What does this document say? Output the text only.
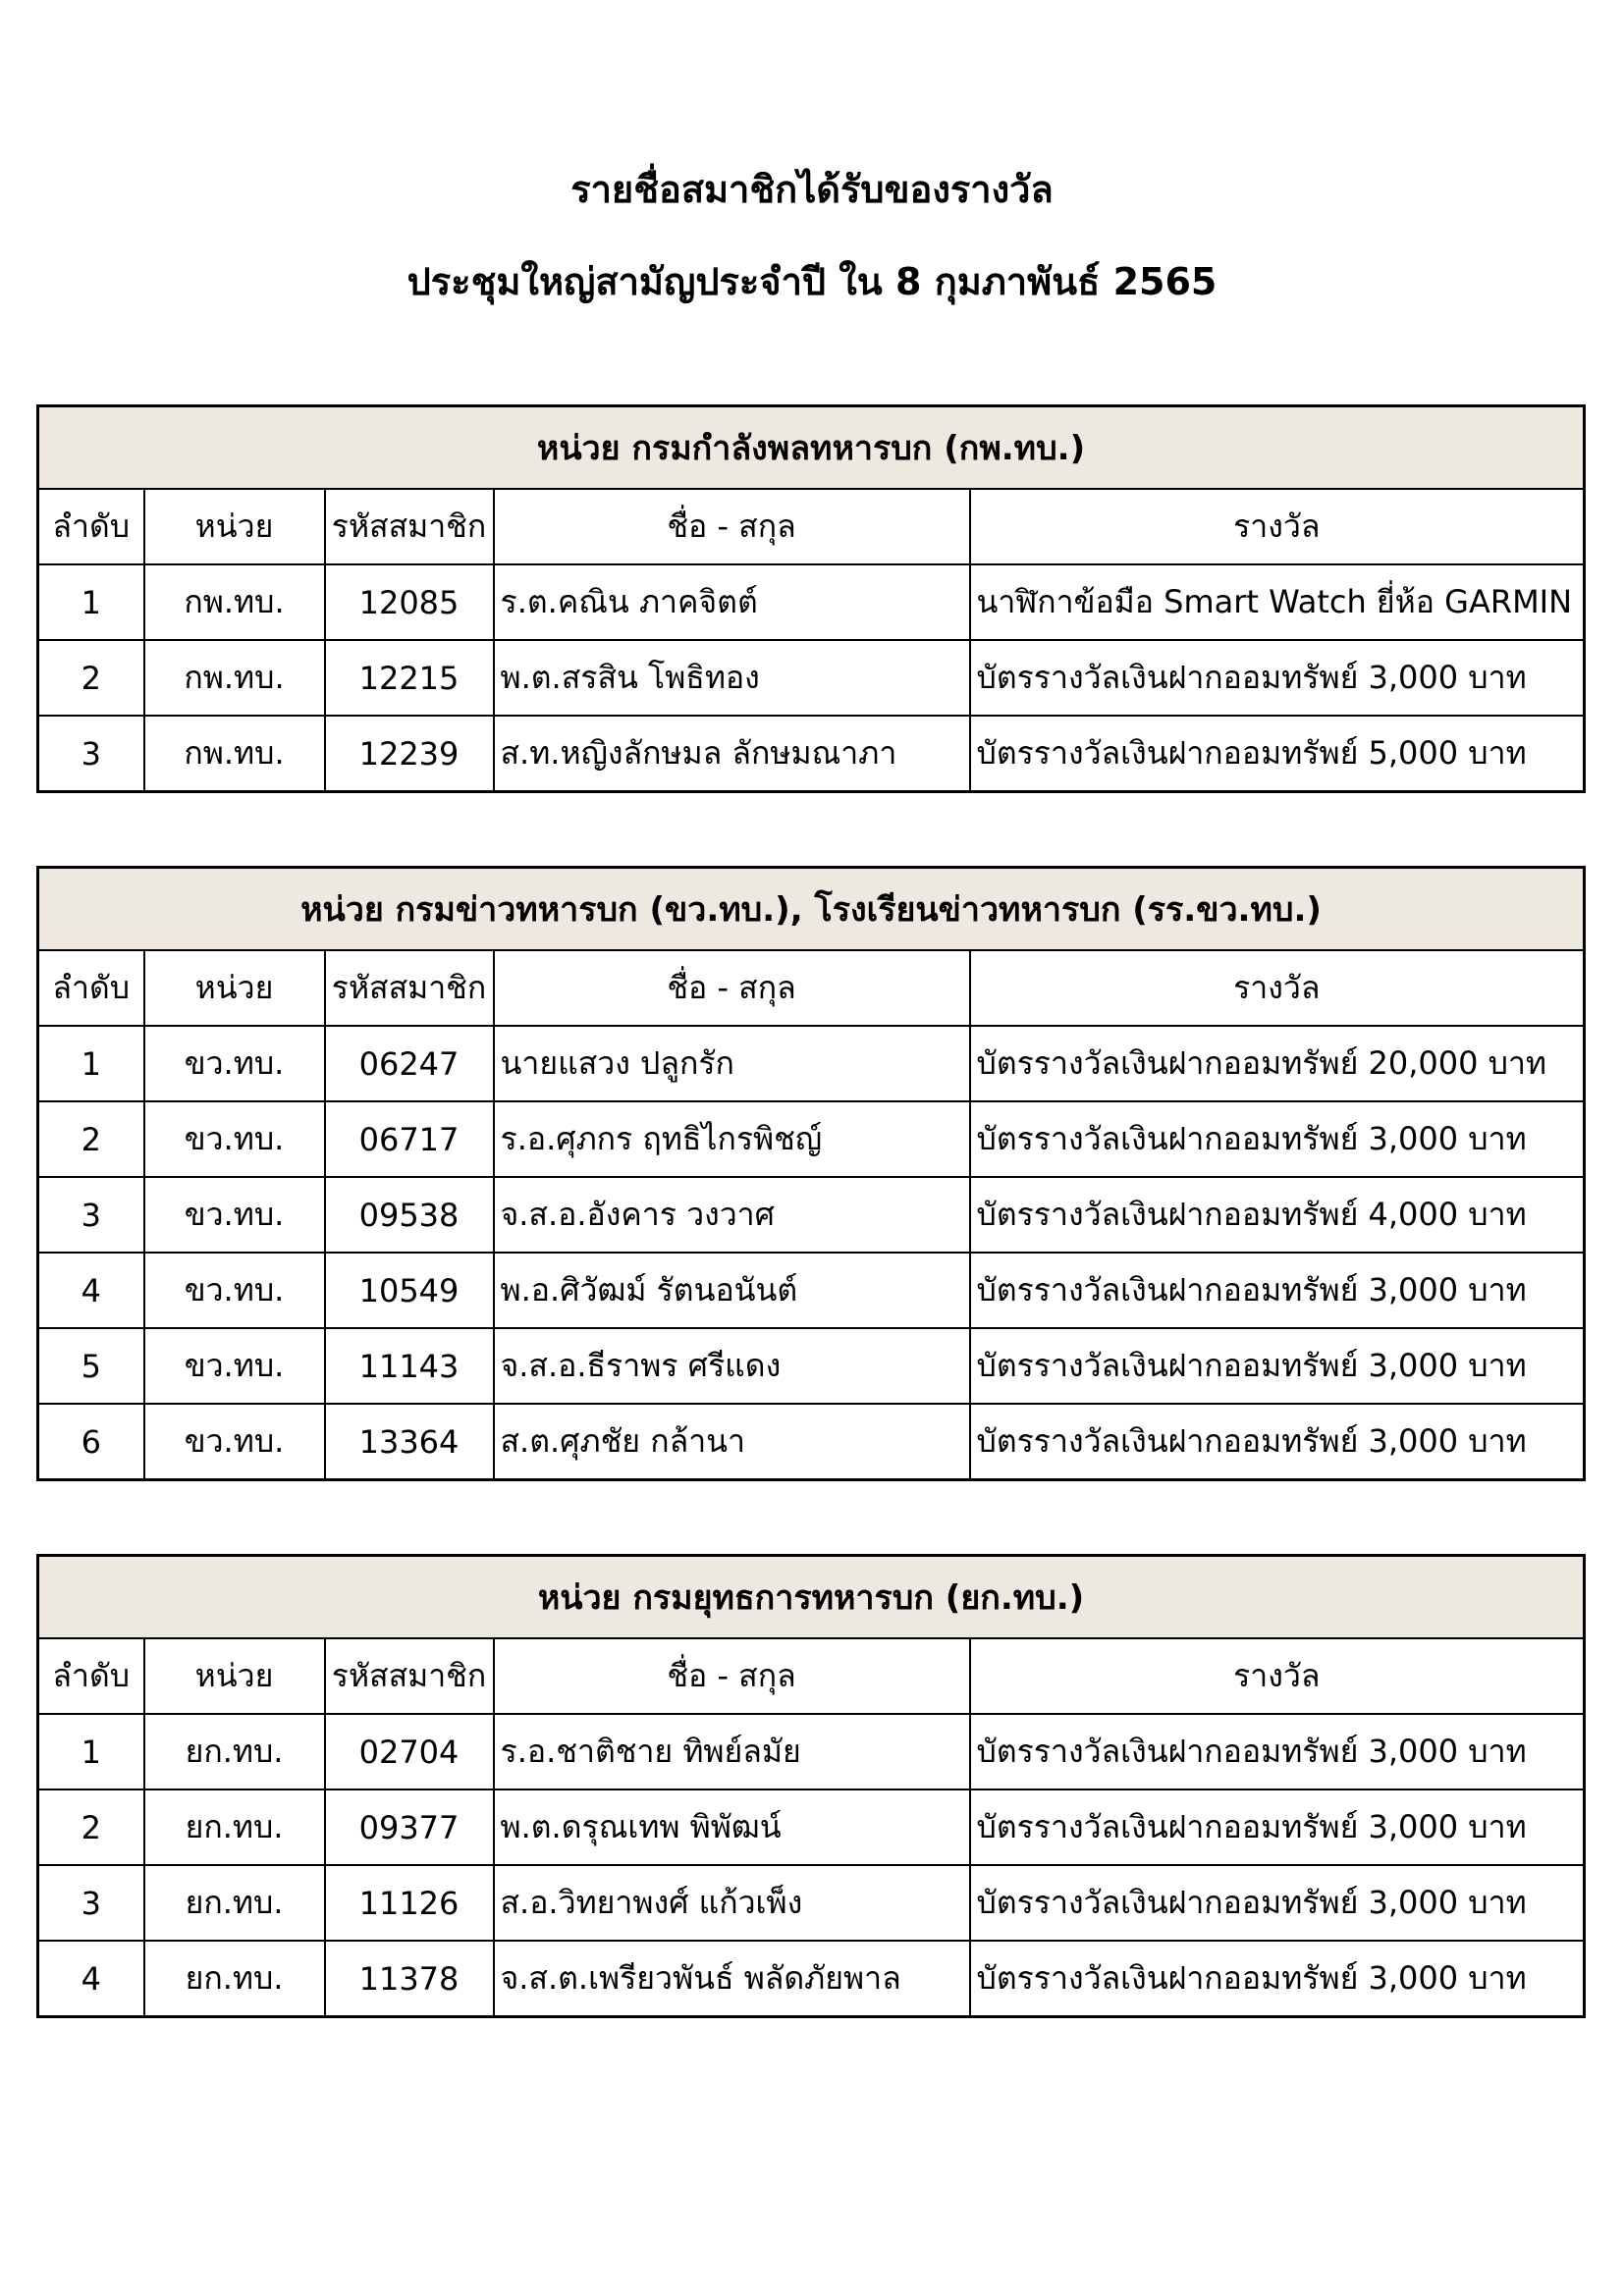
รายชื่อสมาชิกได้รับของรางวัล
ประชุมใหญ่สามัญประจำปี ใน 8 กุมภาพันธ์ 2565
หน่วย กรมกำลังพลทหารบก (กพ.ทบ.)				
ลำดับ	หน่วย	รหัสสมาชิก	ชื่อ - สกุล	รางวัล
1	กพ.ทบ.	12085	ร.ต.คณิน ภาคจิตต์	นาฬิกาข้อมือ Smart Watch ยี่ห้อ GARMIN
2	กพ.ทบ.	12215	พ.ต.สรสิน โพธิทอง	บัตรรางวัลเงินฝากออมทรัพย์ 3,000 บาท
3	กพ.ทบ.	12239	ส.ท.หญิงลักษมล ลักษมณาภา	บัตรรางวัลเงินฝากออมทรัพย์ 5,000 บาท
หน่วย กรมข่าวทหารบก (ขว.ทบ.), โรงเรียนข่าวทหารบก (รร.ขว.ทบ.)				
ลำดับ	หน่วย	รหัสสมาชิก	ชื่อ - สกุล	รางวัล
1	ขว.ทบ.	06247	นายแสวง ปลูกรัก	บัตรรางวัลเงินฝากออมทรัพย์ 20,000 บาท
2	ขว.ทบ.	06717	ร.อ.ศุภกร ฤทธิไกรพิชญ์	บัตรรางวัลเงินฝากออมทรัพย์ 3,000 บาท
3	ขว.ทบ.	09538	จ.ส.อ.อังคาร วงวาศ	บัตรรางวัลเงินฝากออมทรัพย์ 4,000 บาท
4	ขว.ทบ.	10549	พ.อ.ศิวัฒม์ รัตนอนันต์	บัตรรางวัลเงินฝากออมทรัพย์ 3,000 บาท
5	ขว.ทบ.	11143	จ.ส.อ.ธีราพร ศรีแดง	บัตรรางวัลเงินฝากออมทรัพย์ 3,000 บาท
6	ขว.ทบ.	13364	ส.ต.ศุภชัย กล้านา	บัตรรางวัลเงินฝากออมทรัพย์ 3,000 บาท
หน่วย กรมยุทธการทหารบก (ยก.ทบ.)				
ลำดับ	หน่วย	รหัสสมาชิก	ชื่อ - สกุล	รางวัล
1	ยก.ทบ.	02704	ร.อ.ชาติชาย ทิพย์ลมัย	บัตรรางวัลเงินฝากออมทรัพย์ 3,000 บาท
2	ยก.ทบ.	09377	พ.ต.ดรุณเทพ พิพัฒน์	บัตรรางวัลเงินฝากออมทรัพย์ 3,000 บาท
3	ยก.ทบ.	11126	ส.อ.วิทยาพงศ์ แก้วเพ็ง	บัตรรางวัลเงินฝากออมทรัพย์ 3,000 บาท
4	ยก.ทบ.	11378	จ.ส.ต.เพรียวพันธ์ พลัดภัยพาล	บัตรรางวัลเงินฝากออมทรัพย์ 3,000 บาท
